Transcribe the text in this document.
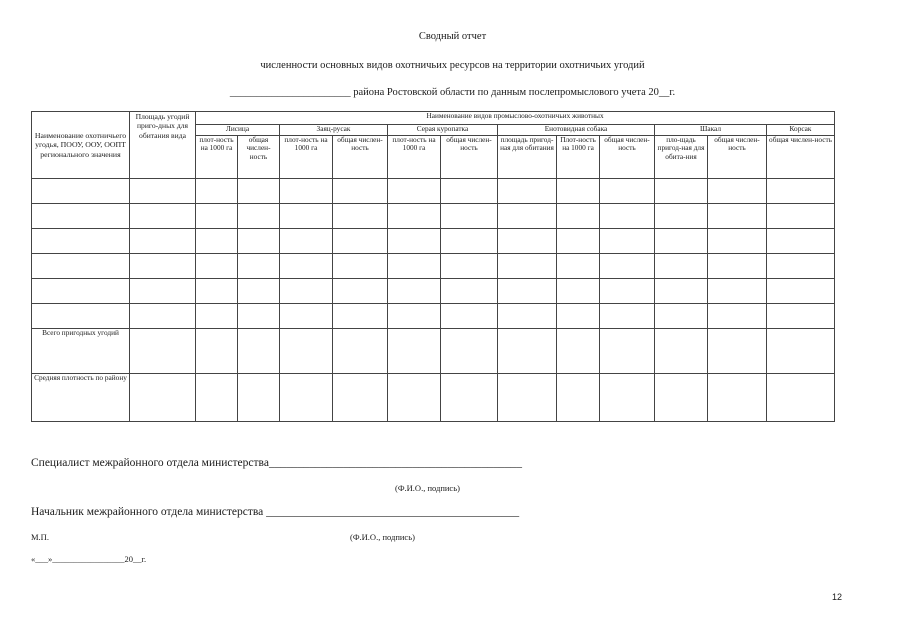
Сводный отчет
численности основных видов охотничьих ресурсов на территории охотничьих угодий
_______________________ района Ростовской области по данным послепромыслового учета 20__г.
Наименование охотничьего угодья, ПООУ, ООУ, ООПТ регионального значения	Площадь угодий приго-дных для обитания вида	Наименование видов промыслово-охотничьих животных											
		Лисица		Заяц-русак		Серая куропатка		Енотовидная собака			Шакал		Корсак
		плот-ность на 1000 га	общая числен-ность	плот-ность на 1000 га	общая числен-ность	плот-ность на 1000 га	общая числен-ность	площадь пригод-ная для обитания	Плот-ность на 1000 га	общая числен-ность	пло-щадь пригод-ная для обита-ния	общая числен-ность	общая числен-ность

Всего пригодных угодий													
Средняя плотность по району													
Специалист межрайонного отдела министерства____________________________________________
(Ф.И.О., подпись)
Начальник межрайонного отдела министерства ____________________________________________
М.П.	(Ф.И.О., подпись)
«___»_________________20__г.
12
